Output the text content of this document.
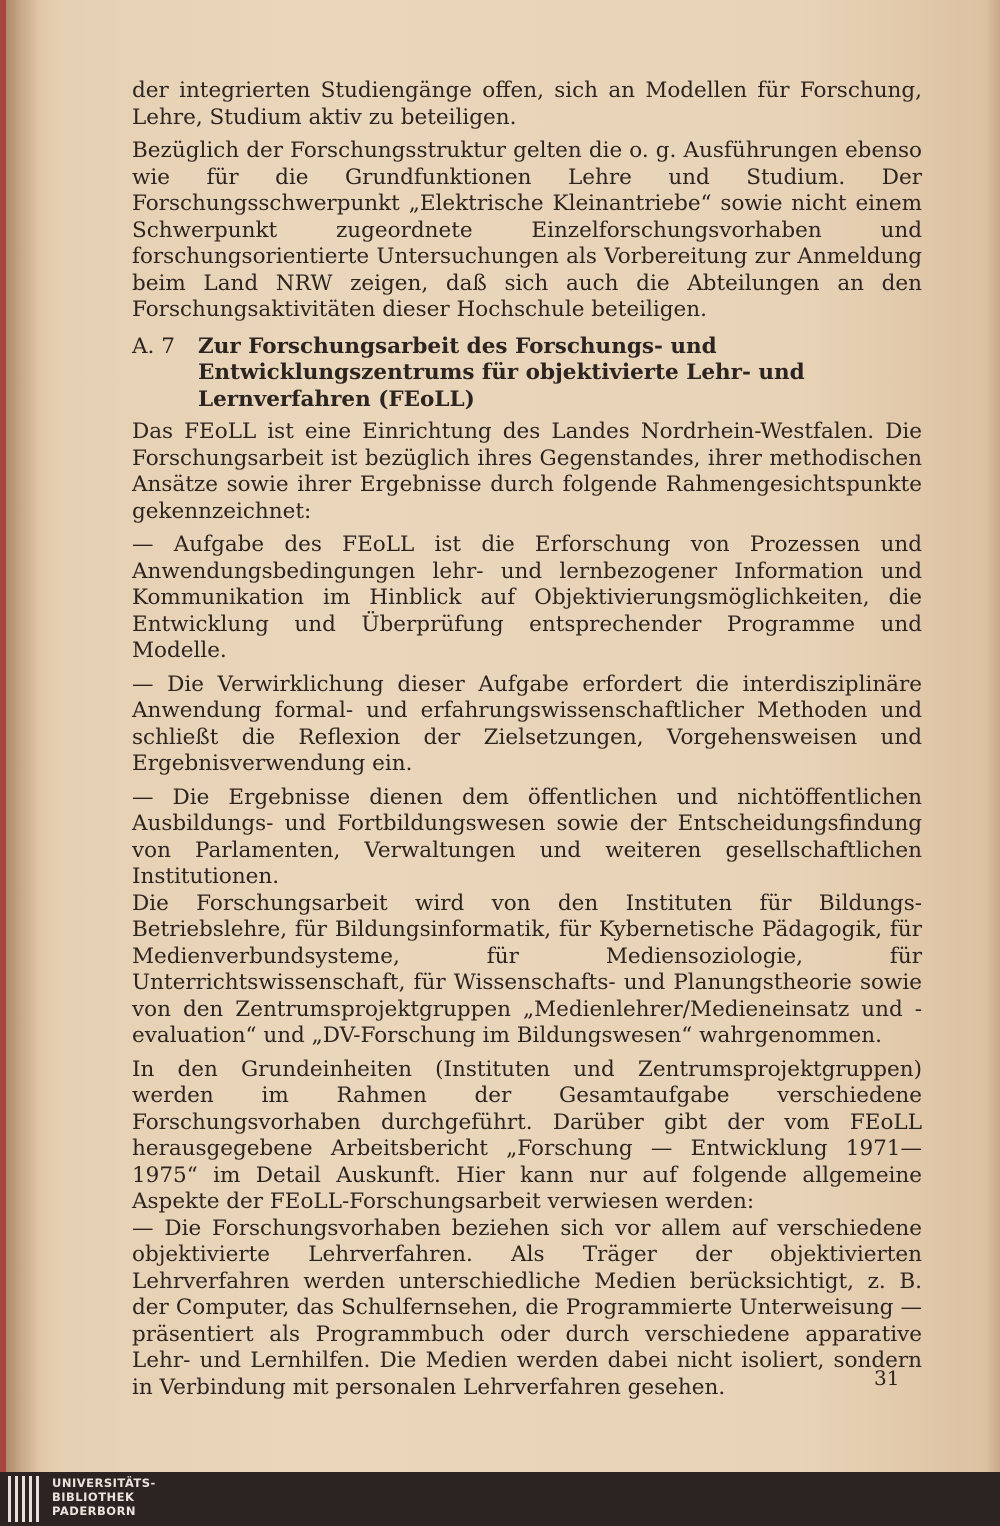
der integrierten Studiengänge offen, sich an Modellen für Forschung, Lehre, Studium aktiv zu beteiligen.

Bezüglich der Forschungsstruktur gelten die o. g. Ausführungen ebenso wie für die Grundfunktionen Lehre und Studium. Der Forschungsschwerpunkt „Elektrische Kleinantriebe“ sowie nicht einem Schwerpunkt zugeordnete Einzelforschungsvorhaben und forschungsorientierte Untersuchungen als Vorbereitung zur Anmeldung beim Land NRW zeigen, daß sich auch die Abteilungen an den Forschungsaktivitäten dieser Hochschule beteiligen.

A. 7	Zur Forschungsarbeit des Forschungs- und Entwicklungszentrums für objektivierte Lehr- und Lernverfahren (FEoLL)

Das FEoLL ist eine Einrichtung des Landes Nordrhein-Westfalen. Die Forschungsarbeit ist bezüglich ihres Gegenstandes, ihrer methodischen Ansätze sowie ihrer Ergebnisse durch folgende Rahmengesichtspunkte gekennzeichnet:

— Aufgabe des FEoLL ist die Erforschung von Prozessen und Anwendungsbedingungen lehr- und lernbezogener Information und Kommunikation im Hinblick auf Objektivierungsmöglichkeiten, die Entwicklung und Überprüfung entsprechender Programme und Modelle.

— Die Verwirklichung dieser Aufgabe erfordert die interdisziplinäre Anwendung formal- und erfahrungswissenschaftlicher Methoden und schließt die Reflexion der Zielsetzungen, Vorgehensweisen und Ergebnisverwendung ein.

— Die Ergebnisse dienen dem öffentlichen und nichtöffentlichen Ausbildungs- und Fortbildungswesen sowie der Entscheidungsfindung von Parlamenten, Verwaltungen und weiteren gesellschaftlichen Institutionen.

Die Forschungsarbeit wird von den Instituten für Bildungs-Betriebslehre, für Bildungsinformatik, für Kybernetische Pädagogik, für Medienverbundsysteme, für Mediensoziologie, für Unterrichtswissenschaft, für Wissenschafts- und Planungstheorie sowie von den Zentrumsprojektgruppen „Medienlehrer/Medieneinsatz und -evaluation“ und „DV-Forschung im Bildungswesen“ wahrgenommen.

In den Grundeinheiten (Instituten und Zentrumsprojektgruppen) werden im Rahmen der Gesamtaufgabe verschiedene Forschungsvorhaben durchgeführt. Darüber gibt der vom FEoLL herausgegebene Arbeitsbericht „Forschung — Entwicklung 1971—1975“ im Detail Auskunft. Hier kann nur auf folgende allgemeine Aspekte der FEoLL-Forschungsarbeit verwiesen werden:

— Die Forschungsvorhaben beziehen sich vor allem auf verschiedene objektivierte Lehrverfahren. Als Träger der objektivierten Lehrverfahren werden unterschiedliche Medien berücksichtigt, z. B. der Computer, das Schulfernsehen, die Programmierte Unterweisung — präsentiert als Programmbuch oder durch verschiedene apparative Lehr- und Lernhilfen. Die Medien werden dabei nicht isoliert, sondern in Verbindung mit personalen Lehrverfahren gesehen.	31
UNIVERSITÄTS-
BIBLIOTHEK
PADERBORN
